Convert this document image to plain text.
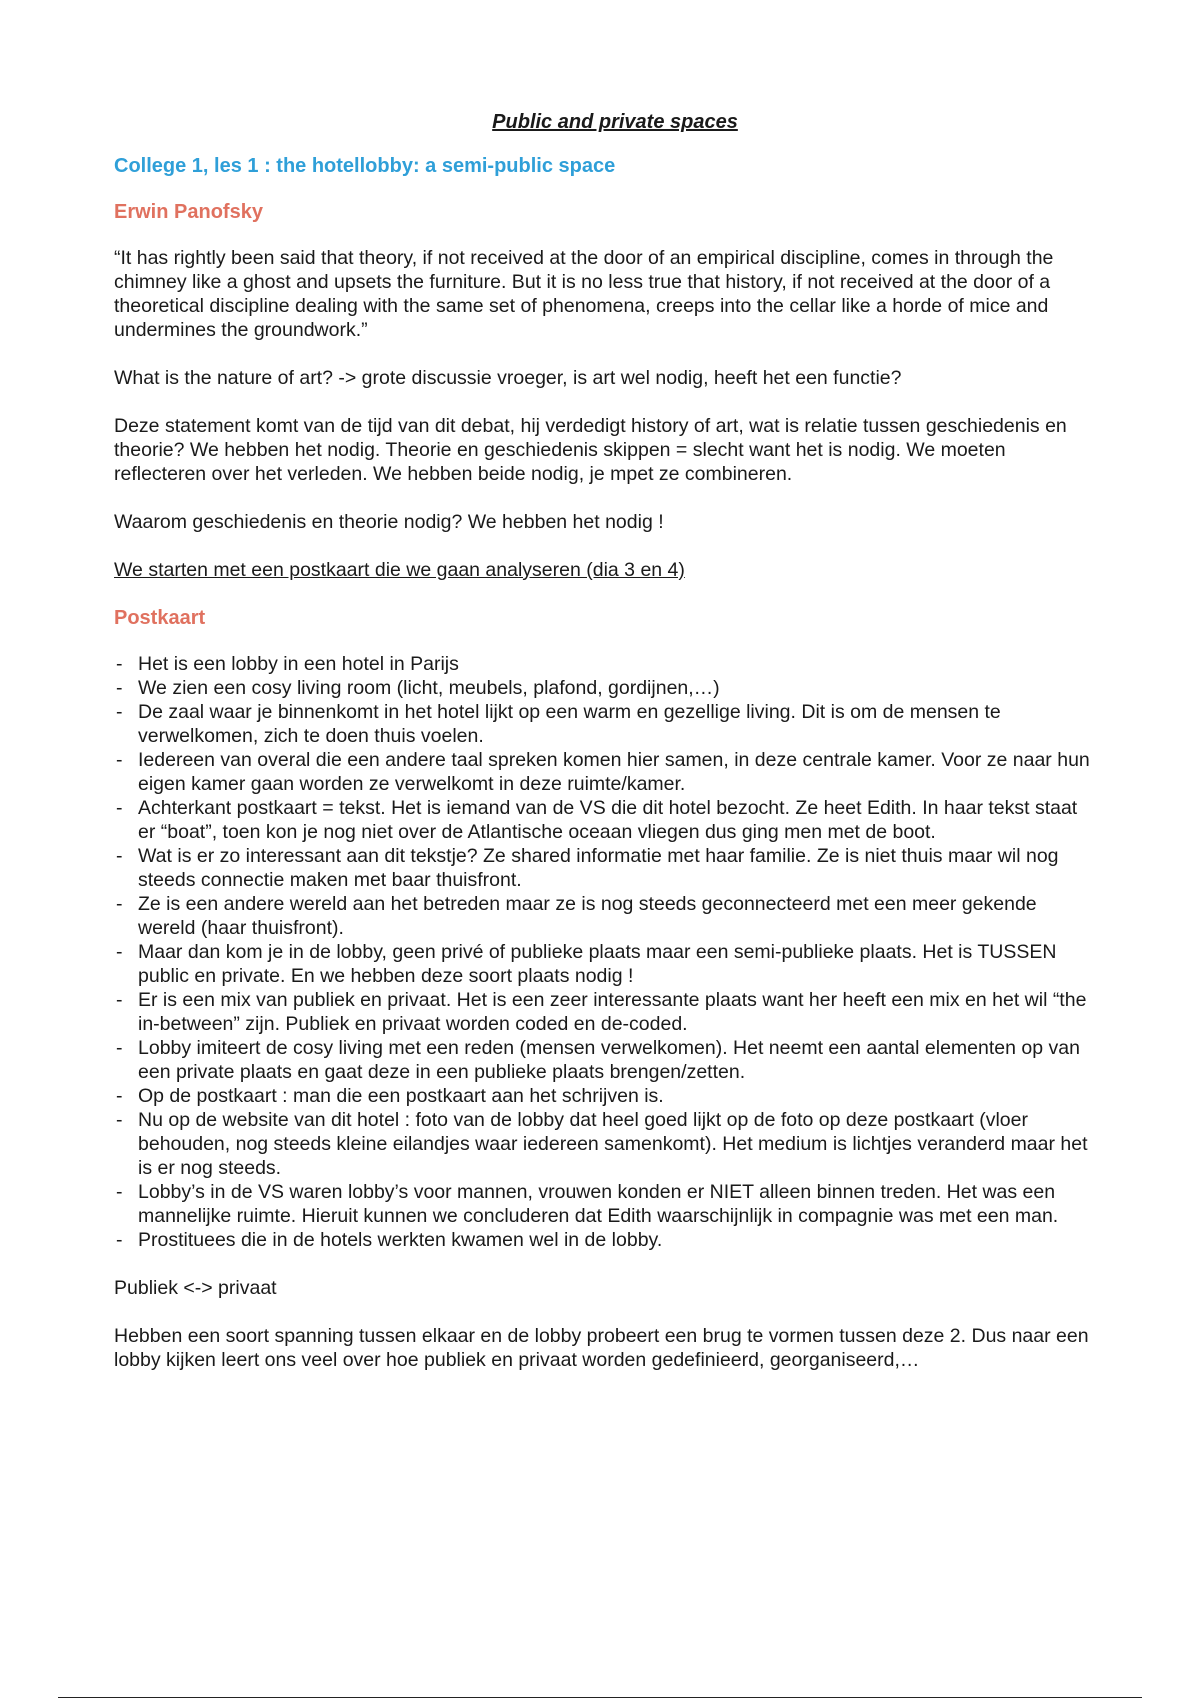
Public and private spaces
College 1, les 1 : the hotellobby: a semi-public space
Erwin Panofsky

“It has rightly been said that theory, if not received at the door of an empirical discipline, comes in through the chimney like a ghost and upsets the furniture. But it is no less true that history, if not received at the door of a theoretical discipline dealing with the same set of phenomena, creeps into the cellar like a horde of mice and undermines the groundwork.”

What is the nature of art? -> grote discussie vroeger, is art wel nodig, heeft het een functie?

Deze statement komt van de tijd van dit debat, hij verdedigt history of art, wat is relatie tussen geschiedenis en theorie? We hebben het nodig. Theorie en geschiedenis skippen = slecht want het is nodig. We moeten reflecteren over het verleden. We hebben beide nodig, je mpet ze combineren.

Waarom geschiedenis en theorie nodig? We hebben het nodig !

We starten met een postkaart die we gaan analyseren (dia 3 en 4)

Postkaart
- Het is een lobby in een hotel in Parijs
- We zien een cosy living room (licht, meubels, plafond, gordijnen,…)
- De zaal waar je binnenkomt in het hotel lijkt op een warm en gezellige living. Dit is om de mensen te verwelkomen, zich te doen thuis voelen.
- Iedereen van overal die een andere taal spreken komen hier samen, in deze centrale kamer. Voor ze naar hun eigen kamer gaan worden ze verwelkomt in deze ruimte/kamer.
- Achterkant postkaart = tekst. Het is iemand van de VS die dit hotel bezocht. Ze heet Edith. In haar tekst staat er “boat”, toen kon je nog niet over de Atlantische oceaan vliegen dus ging men met de boot.
- Wat is er zo interessant aan dit tekstje? Ze shared informatie met haar familie. Ze is niet thuis maar wil nog steeds connectie maken met baar thuisfront.
- Ze is een andere wereld aan het betreden maar ze is nog steeds geconnecteerd met een meer gekende wereld (haar thuisfront).
- Maar dan kom je in de lobby, geen privé of publieke plaats maar een semi-publieke plaats. Het is TUSSEN public en private. En we hebben deze soort plaats nodig !
- Er is een mix van publiek en privaat. Het is een zeer interessante plaats want her heeft een mix en het wil “the in-between” zijn. Publiek en privaat worden coded en de-coded.
- Lobby imiteert de cosy living met een reden (mensen verwelkomen). Het neemt een aantal elementen op van een private plaats en gaat deze in een publieke plaats brengen/zetten.
- Op de postkaart : man die een postkaart aan het schrijven is.
- Nu op de website van dit hotel : foto van de lobby dat heel goed lijkt op de foto op deze postkaart (vloer behouden, nog steeds kleine eilandjes waar iedereen samenkomt). Het medium is lichtjes veranderd maar het is er nog steeds.
- Lobby’s in de VS waren lobby’s voor mannen, vrouwen konden er NIET alleen binnen treden. Het was een mannelijke ruimte. Hieruit kunnen we concluderen dat Edith waarschijnlijk in compagnie was met een man.
- Prostituees die in de hotels werkten kwamen wel in de lobby.

Publiek <-> privaat

Hebben een soort spanning tussen elkaar en de lobby probeert een brug te vormen tussen deze 2. Dus naar een lobby kijken leert ons veel over hoe publiek en privaat worden gedefinieerd, georganiseerd,…
